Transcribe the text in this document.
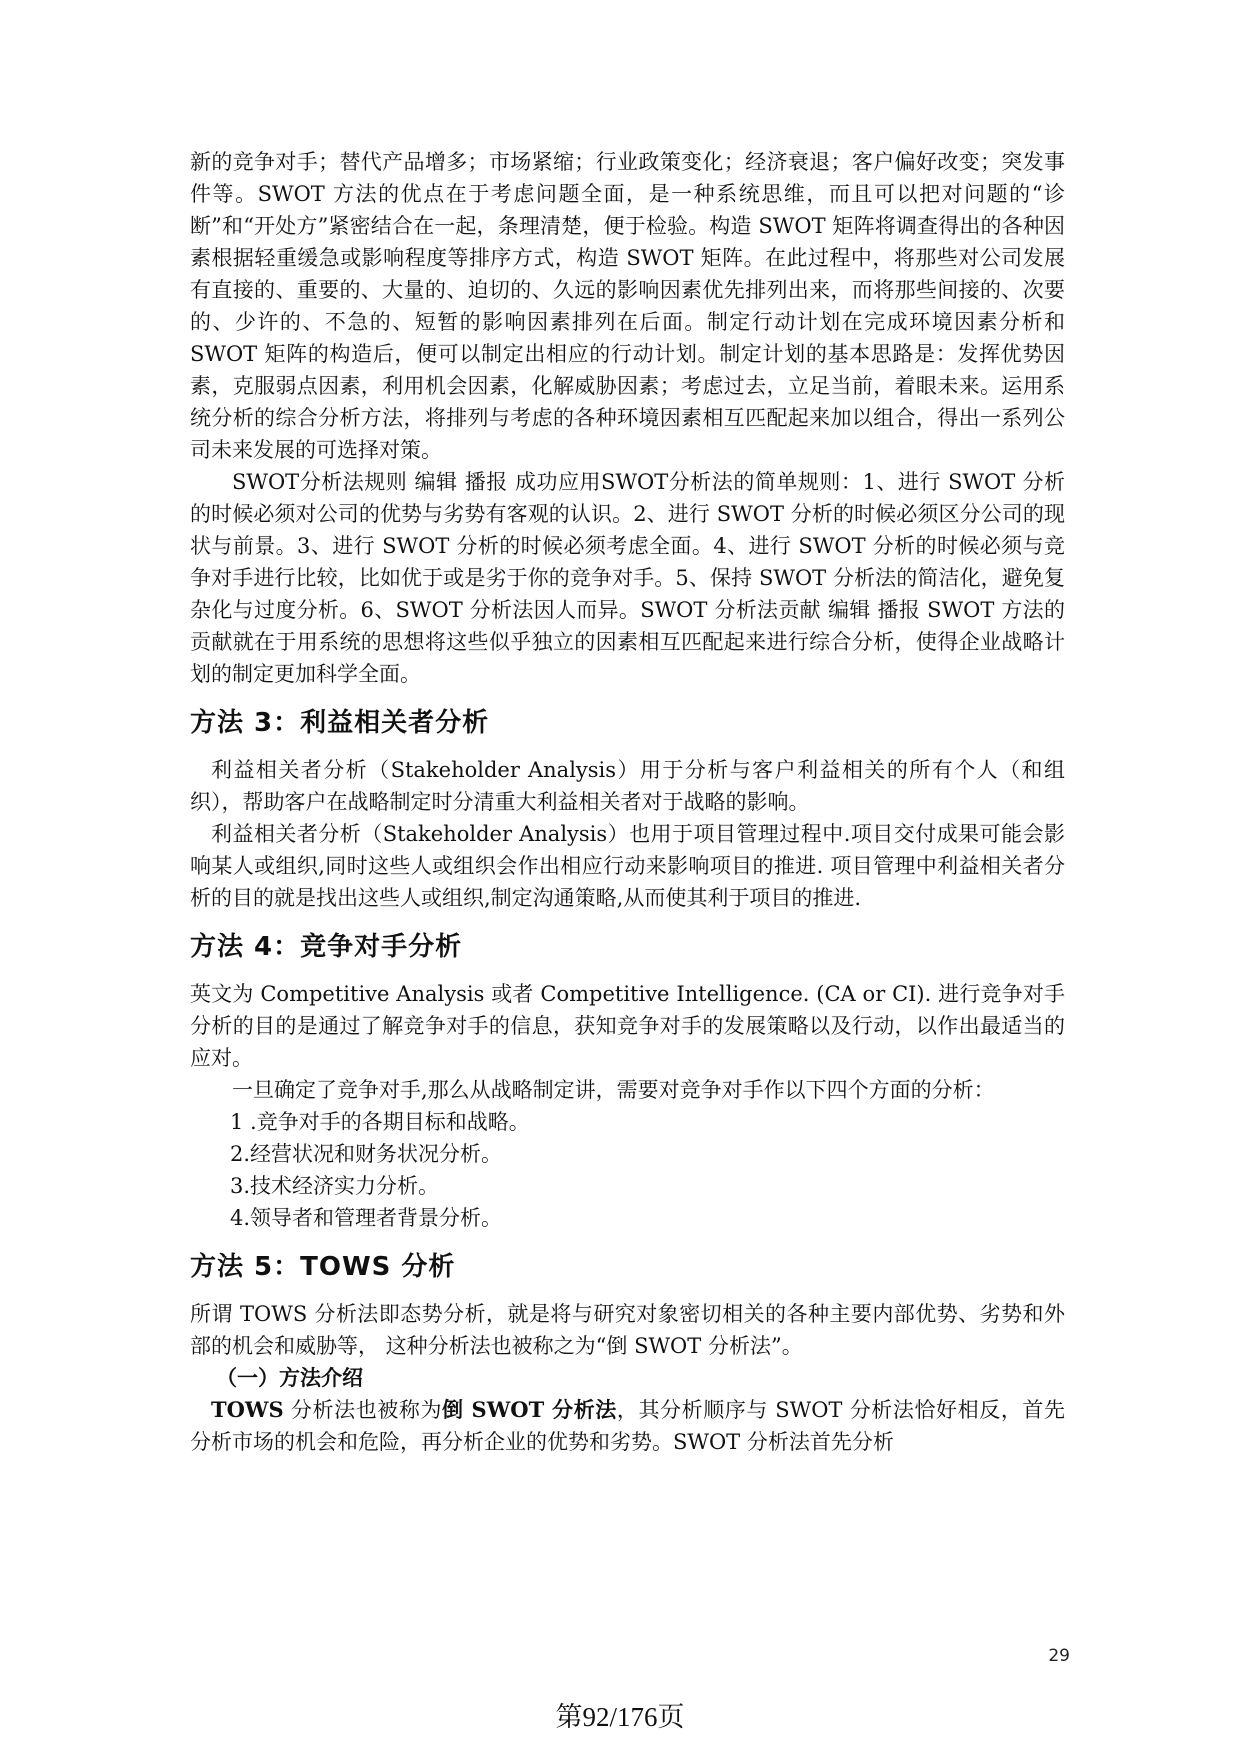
新的竞争对手；替代产品增多；市场紧缩；行业政策变化；经济衰退；客户偏好改变；突发事件等。SWOT 方法的优点在于考虑问题全面，是一种系统思维，而且可以把对问题的“诊断”和“开处方”紧密结合在一起，条理清楚，便于检验。构造 SWOT 矩阵将调查得出的各种因素根据轻重缓急或影响程度等排序方式，构造 SWOT 矩阵。在此过程中，将那些对公司发展有直接的、重要的、大量的、迫切的、久远的影响因素优先排列出来，而将那些间接的、次要的、少许的、不急的、短暂的影响因素排列在后面。制定行动计划在完成环境因素分析和 SWOT 矩阵的构造后，便可以制定出相应的行动计划。制定计划的基本思路是：发挥优势因素，克服弱点因素，利用机会因素，化解威胁因素；考虑过去，立足当前，着眼未来。运用系统分析的综合分析方法，将排列与考虑的各种环境因素相互匹配起来加以组合，得出一系列公司未来发展的可选择对策。

SWOT分析法规则 编辑 播报 成功应用SWOT分析法的简单规则：1、进行 SWOT 分析的时候必须对公司的优势与劣势有客观的认识。2、进行 SWOT 分析的时候必须区分公司的现状与前景。3、进行 SWOT 分析的时候必须考虑全面。4、进行 SWOT 分析的时候必须与竞争对手进行比较，比如优于或是劣于你的竞争对手。5、保持 SWOT 分析法的简洁化，避免复杂化与过度分析。6、SWOT 分析法因人而异。SWOT 分析法贡献 编辑 播报 SWOT 方法的贡献就在于用系统的思想将这些似乎独立的因素相互匹配起来进行综合分析，使得企业战略计划的制定更加科学全面。

方法 3：利益相关者分析

利益相关者分析（Stakeholder Analysis）用于分析与客户利益相关的所有个人（和组织），帮助客户在战略制定时分清重大利益相关者对于战略的影响。

利益相关者分析（Stakeholder Analysis）也用于项目管理过程中.项目交付成果可能会影响某人或组织,同时这些人或组织会作出相应行动来影响项目的推进. 项目管理中利益相关者分析的目的就是找出这些人或组织,制定沟通策略,从而使其利于项目的推进.

方法 4：竞争对手分析

英文为 Competitive Analysis 或者 Competitive Intelligence. (CA or CI). 进行竞争对手分析的目的是通过了解竞争对手的信息，获知竞争对手的发展策略以及行动，以作出最适当的应对。

一旦确定了竞争对手,那么从战略制定讲，需要对竞争对手作以下四个方面的分析：

1 .竞争对手的各期目标和战略。

2.经营状况和财务状况分析。

3.技术经济实力分析。

4.领导者和管理者背景分析。

方法 5：TOWS 分析

所谓 TOWS 分析法即态势分析，就是将与研究对象密切相关的各种主要内部优势、劣势和外部的机会和威胁等， 这种分析法也被称之为“倒 SWOT 分析法”。

（一）方法介绍

TOWS 分析法也被称为倒 SWOT 分析法，其分析顺序与 SWOT 分析法恰好相反，首先分析市场的机会和危险，再分析企业的优势和劣势。SWOT 分析法首先分析

29
第92/176页
